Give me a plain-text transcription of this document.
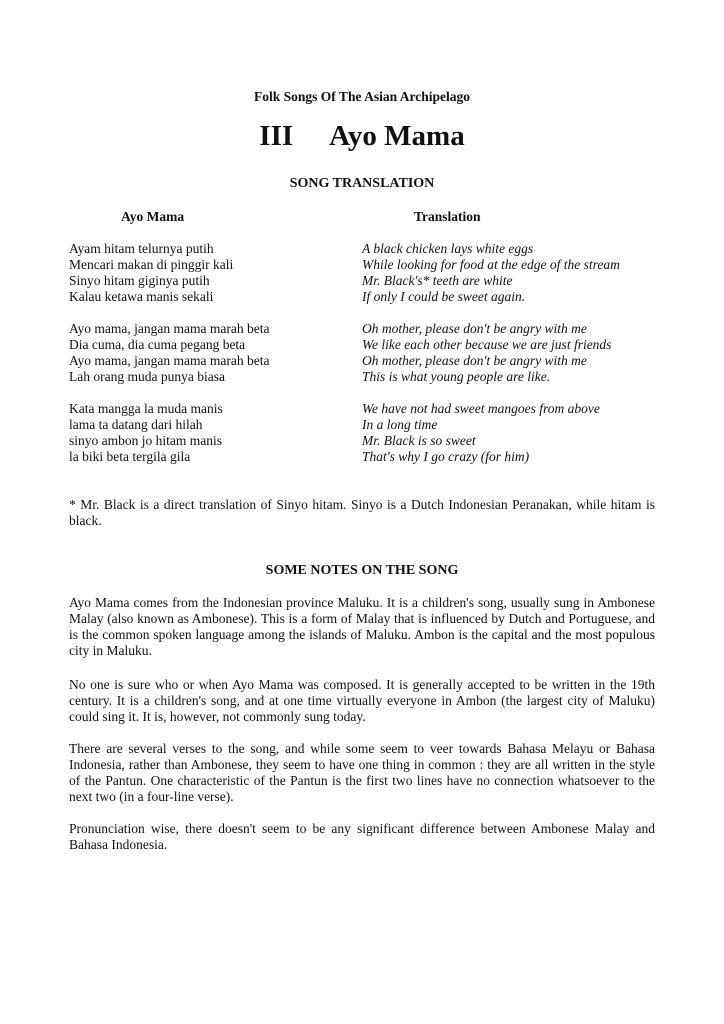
Folk Songs Of The Asian Archipelago
III Ayo Mama
SONG TRANSLATION
Ayo Mama	Translation
Ayam hitam telurnya putih
Mencari makan di pinggir kali
Sinyo hitam giginya putih
Kalau ketawa manis sekali
Ayo mama, jangan mama marah beta
Dia cuma, dia cuma pegang beta
Ayo mama, jangan mama marah beta
Lah orang muda punya biasa
Kata mangga la muda manis
lama ta datang dari hilah
sinyo ambon jo hitam manis
la biki beta tergila gila
A black chicken lays white eggs
While looking for food at the edge of the stream
Mr. Black's* teeth are white
If only I could be sweet again.
Oh mother, please don't be angry with me
We like each other because we are just friends
Oh mother, please don't be angry with me
This is what young people are like.
We have not had sweet mangoes from above
In a long time
Mr. Black is so sweet
That's why I go crazy (for him)
* Mr. Black is a direct translation of Sinyo hitam. Sinyo is a Dutch Indonesian Peranakan, while hitam is black.
SOME NOTES ON THE SONG
Ayo Mama comes from the Indonesian province Maluku. It is a children's song, usually sung in Ambonese Malay (also known as Ambonese). This is a form of Malay that is influenced by Dutch and Portuguese, and is the common spoken language among the islands of Maluku. Ambon is the capital and the most populous city in Maluku.
No one is sure who or when Ayo Mama was composed. It is generally accepted to be written in the 19th century. It is a children's song, and at one time virtually everyone in Ambon (the largest city of Maluku) could sing it. It is, however, not commonly sung today.
There are several verses to the song, and while some seem to veer towards Bahasa Melayu or Bahasa Indonesia, rather than Ambonese, they seem to have one thing in common : they are all written in the style of the Pantun. One characteristic of the Pantun is the first two lines have no connection whatsoever to the next two (in a four-line verse).
Pronunciation wise, there doesn't seem to be any significant difference between Ambonese Malay and Bahasa Indonesia.
